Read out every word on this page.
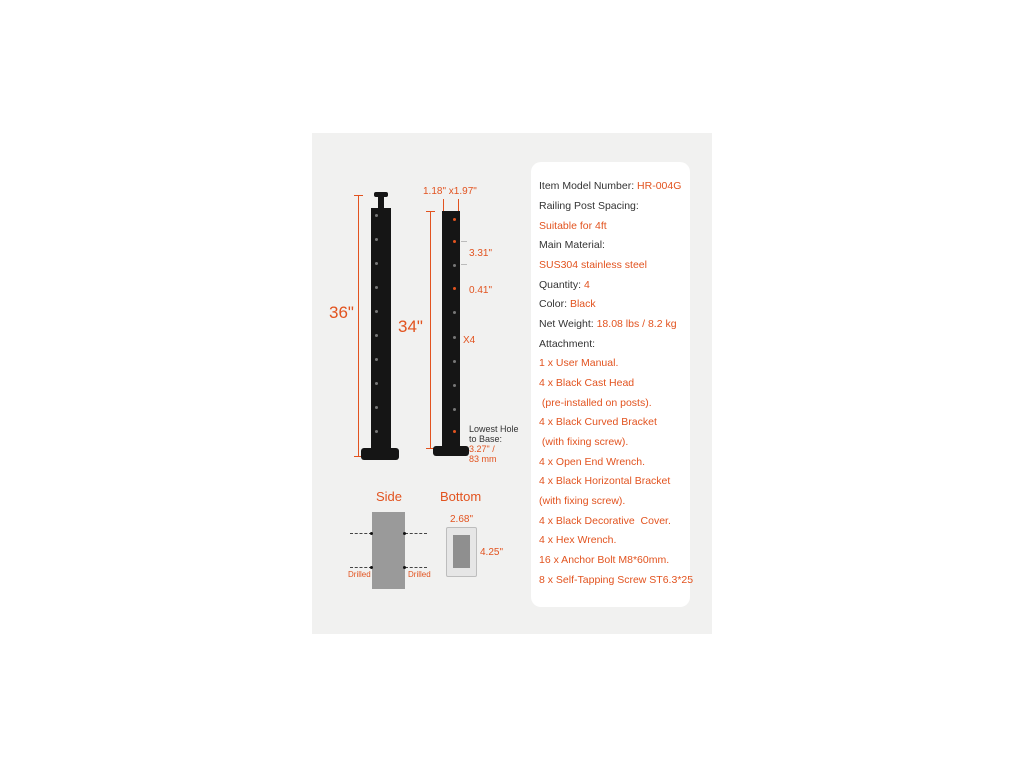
36"
1.18" x1.97"
34"
3.31"
0.41"
X4
Lowest Hole
to Base:
3.27" /
83 mm
Side
Drilled	Drilled
Bottom
2.68"
4.25"
Item Model Number: HR-004G
Railing Post Spacing:
Suitable for 4ft
Main Material:
SUS304 stainless steel
Quantity: 4
Color: Black
Net Weight: 18.08 lbs / 8.2 kg
Attachment:
1 x User Manual.
4 x Black Cast Head
(pre-installed on posts).
4 x Black Curved Bracket
(with fixing screw).
4 x Open End Wrench.
4 x Black Horizontal Bracket
(with fixing screw).
4 x Black Decorative  Cover.
4 x Hex Wrench.
16 x Anchor Bolt M8*60mm.
8 x Self-Tapping Screw ST6.3*25
